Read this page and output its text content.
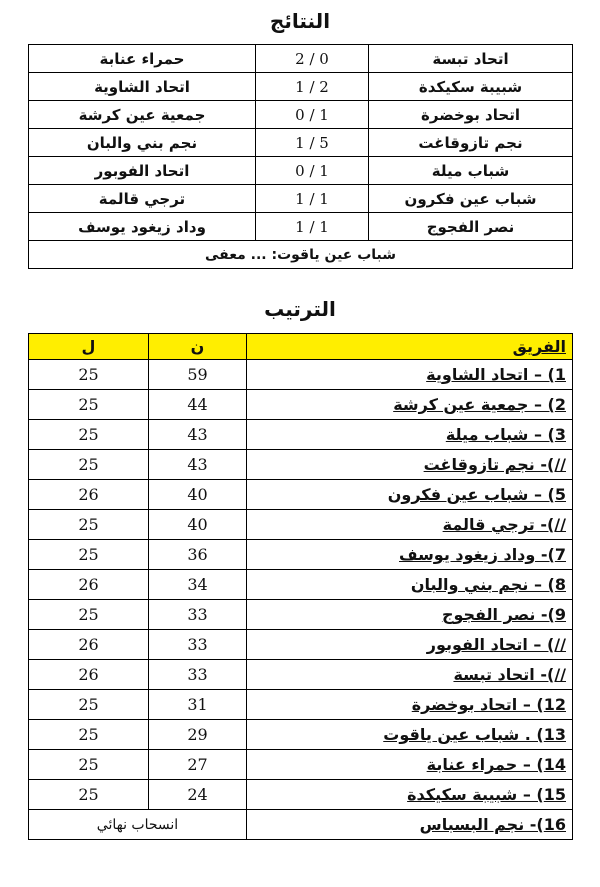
النتائج
حمراء عنابة	2 / 0	اتحاد تبسة
اتحاد الشاوية	1 / 2	شبيبة سكيكدة
جمعية عين كرشة	0 / 1	اتحاد بوخضرة
نجم بني والبان	1 / 5	نجم تازوقاغت
اتحاد الفوبور	0 / 1	شباب ميلة
ترجي قالمة	1 / 1	شباب عين فكرون
وداد زيغود يوسف	1 / 1	نصر الفجوج
شباب عين ياقوت: ... معفى		
الترتيب
ل	ن	الفريق
25	59	1) – اتحاد الشاوية
25	44	2) – جمعية عين كرشة
25	43	3) – شباب ميلة
25	43	//)- نجم تازوقاغت
26	40	5) – شباب عين فكرون
25	40	//)- ترجي قالمة
25	36	7)- وداد زيغود يوسف
26	34	8) – نجم بني والبان
25	33	9)- نصر الفجوج
26	33	//) – اتحاد الفوبور
26	33	//)- اتحاد تبسة
25	31	12) – اتحاد بوخضرة
25	29	13) . شباب عين ياقوت
25	27	14) – حمراء عنابة
25	24	15) – شبيبة سكيكدة
انسحاب نهائي		16)- نجم البسباس
